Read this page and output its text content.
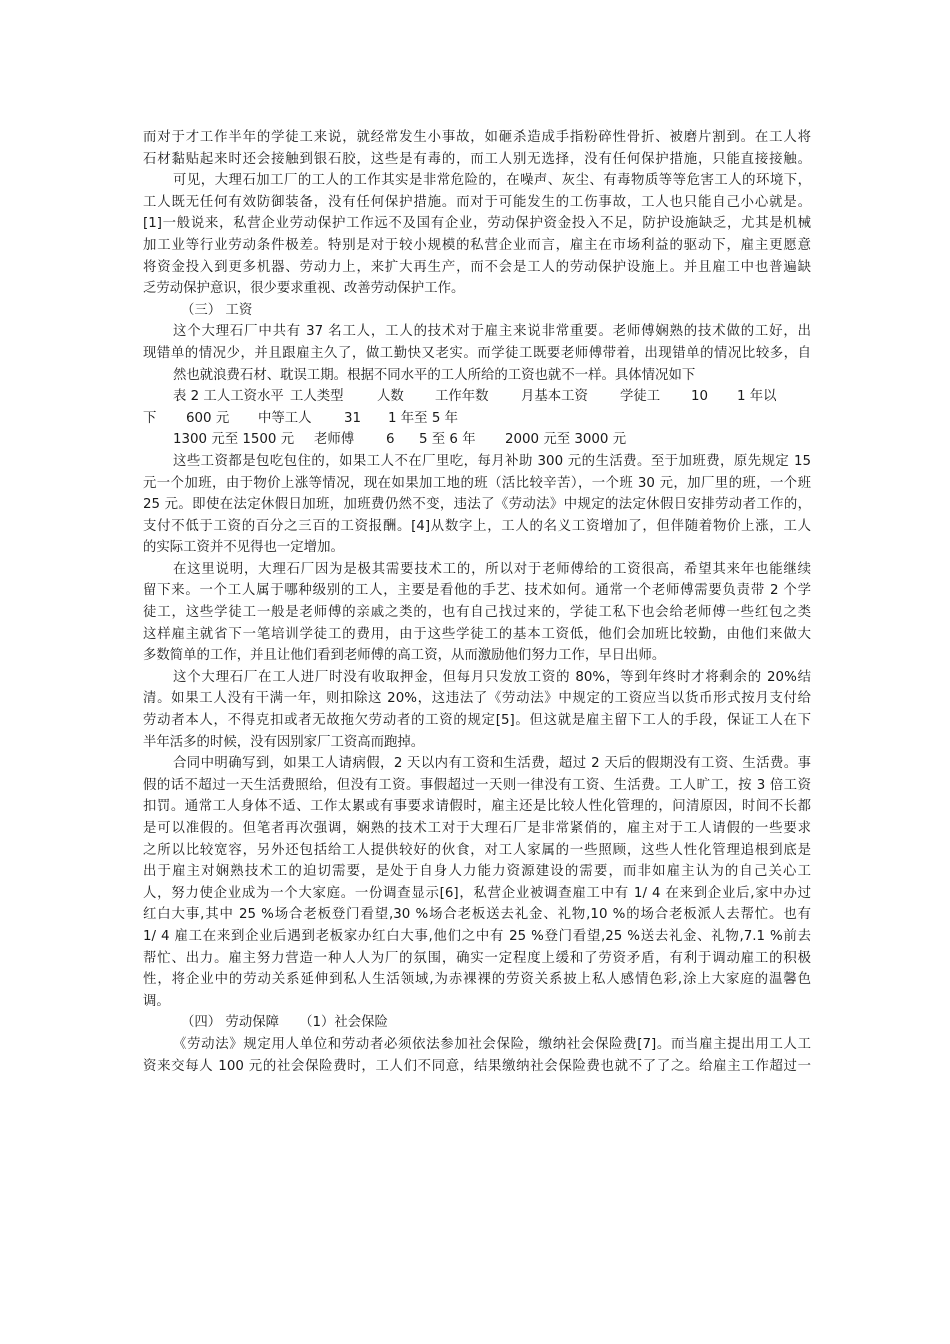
而对于才工作半年的学徒工来说，就经常发生小事故，如砸杀造成手指粉碎性骨折、被磨片割到。在工人将
石材黏贴起来时还会接触到银石胶，这些是有毒的，而工人别无选择，没有任何保护措施，只能直接接触。
可见，大理石加工厂的工人的工作其实是非常危险的，在噪声、灰尘、有毒物质等等危害工人的环境下，
工人既无任何有效防御装备，没有任何保护措施。而对于可能发生的工伤事故，工人也只能自己小心就是。
[1]一般说来，私营企业劳动保护工作远不及国有企业，劳动保护资金投入不足，防护设施缺乏，尤其是机械
加工业等行业劳动条件极差。特别是对于较小规模的私营企业而言，雇主在市场利益的驱动下，雇主更愿意
将资金投入到更多机器、劳动力上，来扩大再生产，而不会是工人的劳动保护设施上。并且雇工中也普遍缺
乏劳动保护意识，很少要求重视、改善劳动保护工作。
（三） 工资
这个大理石厂中共有 37 名工人，工人的技术对于雇主来说非常重要。老师傅娴熟的技术做的工好，出
现错单的情况少，并且跟雇主久了，做工勤快又老实。而学徒工既要老师傅带着，出现错单的情况比较多，自
然也就浪费石材、耽误工期。根据不同水平的工人所给的工资也就不一样。具体情况如下
表 2 工人工资水平 工人类型 人数 工作年数 月基本工资 学徒工 10 1 年以
下 600 元 中等工人 31 1 年至 5 年
1300 元至 1500 元 老师傅 6 5 至 6 年 2000 元至 3000 元
这些工资都是包吃包住的，如果工人不在厂里吃，每月补助 300 元的生活费。至于加班费，原先规定 15
元一个加班，由于物价上涨等情况，现在如果加工地的班（活比较辛苦），一个班 30 元，加厂里的班，一个班
25 元。即使在法定休假日加班，加班费仍然不变，违法了《劳动法》中规定的法定休假日安排劳动者工作的，
支付不低于工资的百分之三百的工资报酬。[4]从数字上，工人的名义工资增加了，但伴随着物价上涨，工人
的实际工资并不见得也一定增加。
在这里说明，大理石厂因为是极其需要技术工的，所以对于老师傅给的工资很高，希望其来年也能继续
留下来。一个工人属于哪种级别的工人，主要是看他的手艺、技术如何。通常一个老师傅需要负责带 2 个学
徒工，这些学徒工一般是老师傅的亲戚之类的，也有自己找过来的，学徒工私下也会给老师傅一些红包之类
这样雇主就省下一笔培训学徒工的费用，由于这些学徒工的基本工资低，他们会加班比较勤，由他们来做大
多数简单的工作，并且让他们看到老师傅的高工资，从而激励他们努力工作，早日出师。
这个大理石厂在工人进厂时没有收取押金，但每月只发放工资的 80%，等到年终时才将剩余的 20%结
清。如果工人没有干满一年，则扣除这 20%，这违法了《劳动法》中规定的工资应当以货币形式按月支付给
劳动者本人，不得克扣或者无故拖欠劳动者的工资的规定[5]。但这就是雇主留下工人的手段，保证工人在下
半年活多的时候，没有因别家厂工资高而跑掉。
合同中明确写到，如果工人请病假，2 天以内有工资和生活费，超过 2 天后的假期没有工资、生活费。事
假的话不超过一天生活费照给，但没有工资。事假超过一天则一律没有工资、生活费。工人旷工，按 3 倍工资
扣罚。通常工人身体不适、工作太累或有事要求请假时，雇主还是比较人性化管理的，问清原因，时间不长都
是可以准假的。但笔者再次强调，娴熟的技术工对于大理石厂是非常紧俏的，雇主对于工人请假的一些要求
之所以比较宽容，另外还包括给工人提供较好的伙食，对工人家属的一些照顾，这些人性化管理追根到底是
出于雇主对娴熟技术工的迫切需要，是处于自身人力能力资源建设的需要，而非如雇主认为的自己关心工
人，努力使企业成为一个大家庭。一份调查显示[6]，私营企业被调查雇工中有 1/ 4 在来到企业后,家中办过
红白大事,其中 25 %场合老板登门看望,30 %场合老板送去礼金、礼物,10 %的场合老板派人去帮忙。也有
1/ 4 雇工在来到企业后遇到老板家办红白大事,他们之中有 25 %登门看望,25 %送去礼金、礼物,7.1 %前去
帮忙、出力。雇主努力营造一种人人为厂的氛围，确实一定程度上缓和了劳资矛盾，有利于调动雇工的积极
性，将企业中的劳动关系延伸到私人生活领域,为赤裸裸的劳资关系披上私人感情色彩,涂上大家庭的温馨色
调。
（四） 劳动保障　　（1）社会保险
《劳动法》规定用人单位和劳动者必须依法参加社会保险，缴纳社会保险费[7]。而当雇主提出用工人工
资来交每人 100 元的社会保险费时，工人们不同意，结果缴纳社会保险费也就不了了之。给雇主工作超过一
